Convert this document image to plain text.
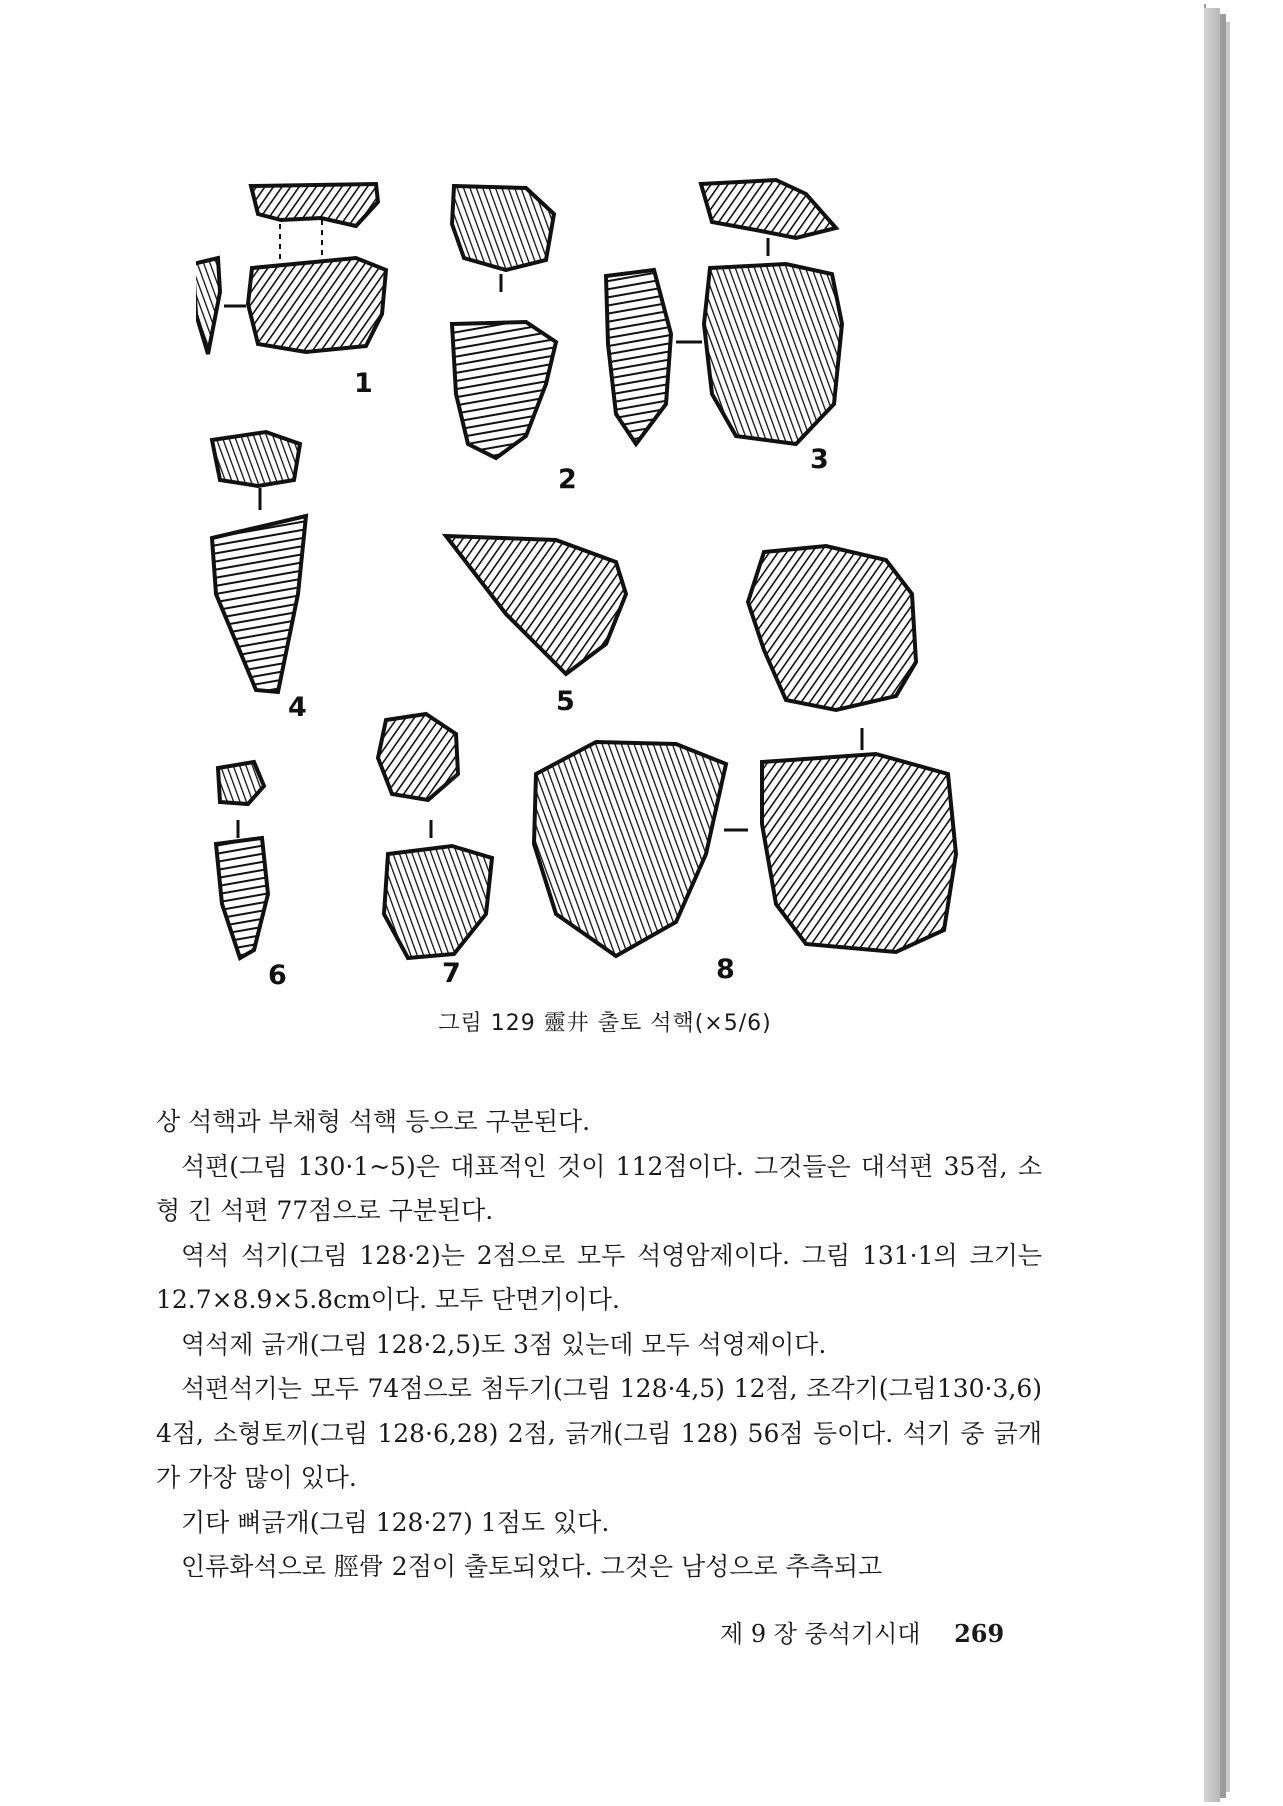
1
2
3
4	5
6	7	8
그림 129 靈井 출토 석핵(×5/6)

상 석핵과 부채형 석핵 등으로 구분된다.

석편(그림 130·1~5)은 대표적인 것이 112점이다. 그것들은 대석편 35점, 소형 긴 석편 77점으로 구분된다.

역석 석기(그림 128·2)는 2점으로 모두 석영암제이다. 그림 131·1의 크기는 12.7×8.9×5.8cm이다. 모두 단면기이다.

역석제 긁개(그림 128·2,5)도 3점 있는데 모두 석영제이다.

석편석기는 모두 74점으로 첨두기(그림 128·4,5) 12점, 조각기(그림130·3,6) 4점, 소형토끼(그림 128·6,28) 2점, 긁개(그림 128) 56점 등이다. 석기 중 긁개가 가장 많이 있다.

기타 뼈긁개(그림 128·27) 1점도 있다.

인류화석으로 脛骨 2점이 출토되었다. 그것은 남성으로 추측되고

제 9 장 중석기시대 269
